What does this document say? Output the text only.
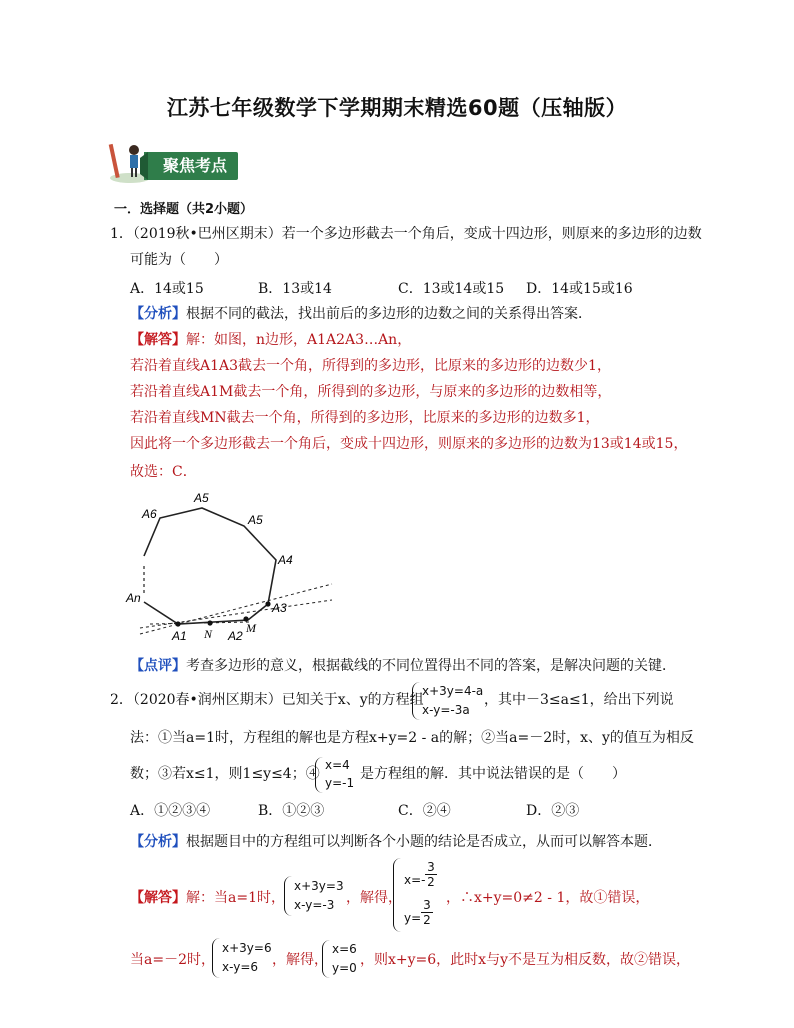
江苏七年级数学下学期期末精选60题（压轴版）
聚焦考点
一．选择题（共2小题）
1．（2019秋•巴州区期末）若一个多边形截去一个角后，变成十四边形，则原来的多边形的边数
可能为（　　）
A．14或15	B．13或14	C．13或14或15 D．14或15或16
【分析】根据不同的截法，找出前后的多边形的边数之间的关系得出答案．
【解答】解：如图，n边形，A1A2A3…An，
若沿着直线A1A3截去一个角，所得到的多边形，比原来的多边形的边数少1，
若沿着直线A1M截去一个角，所得到的多边形，与原来的多边形的边数相等，
若沿着直线MN截去一个角，所得到的多边形，比原来的多边形的边数多1，
因此将一个多边形截去一个角后，变成十四边形，则原来的多边形的边数为13或14或15，
故选：C．
A6
A5
A5
A4
An
A3
A1 N A2
M
【点评】考查多边形的意义，根据截线的不同位置得出不同的答案，是解决问题的关键．
2．（2020春•润州区期末）已知关于x、y的方程组
x+3y=4-a
x-y=-3a
，其中－3≤a≤1，给出下列说
法：①当a=1时，方程组的解也是方程x+y=2 - a的解；②当a=－2时，x、y的值互为相反
数；③若x≤1，则1≤y≤4；④
x=4
y=-1
是方程组的解．其中说法错误的是（　　）
A．①②③④	B．①②③	C．②④	D．②③
【分析】根据题目中的方程组可以判断各个小题的结论是否成立，从而可以解答本题．
【解答】解：当a=1时，
x+3y=3
x-y=-3 ，解得，
x=-
3
2
y=
3
2
，∴x+y=0≠2 - 1，故①错误，
当a=－2时，
x+3y=6
x-y=6 ，解得，
x=6
y=0 ，则x+y=6，此时x与y不是互为相反数，故②错误，
